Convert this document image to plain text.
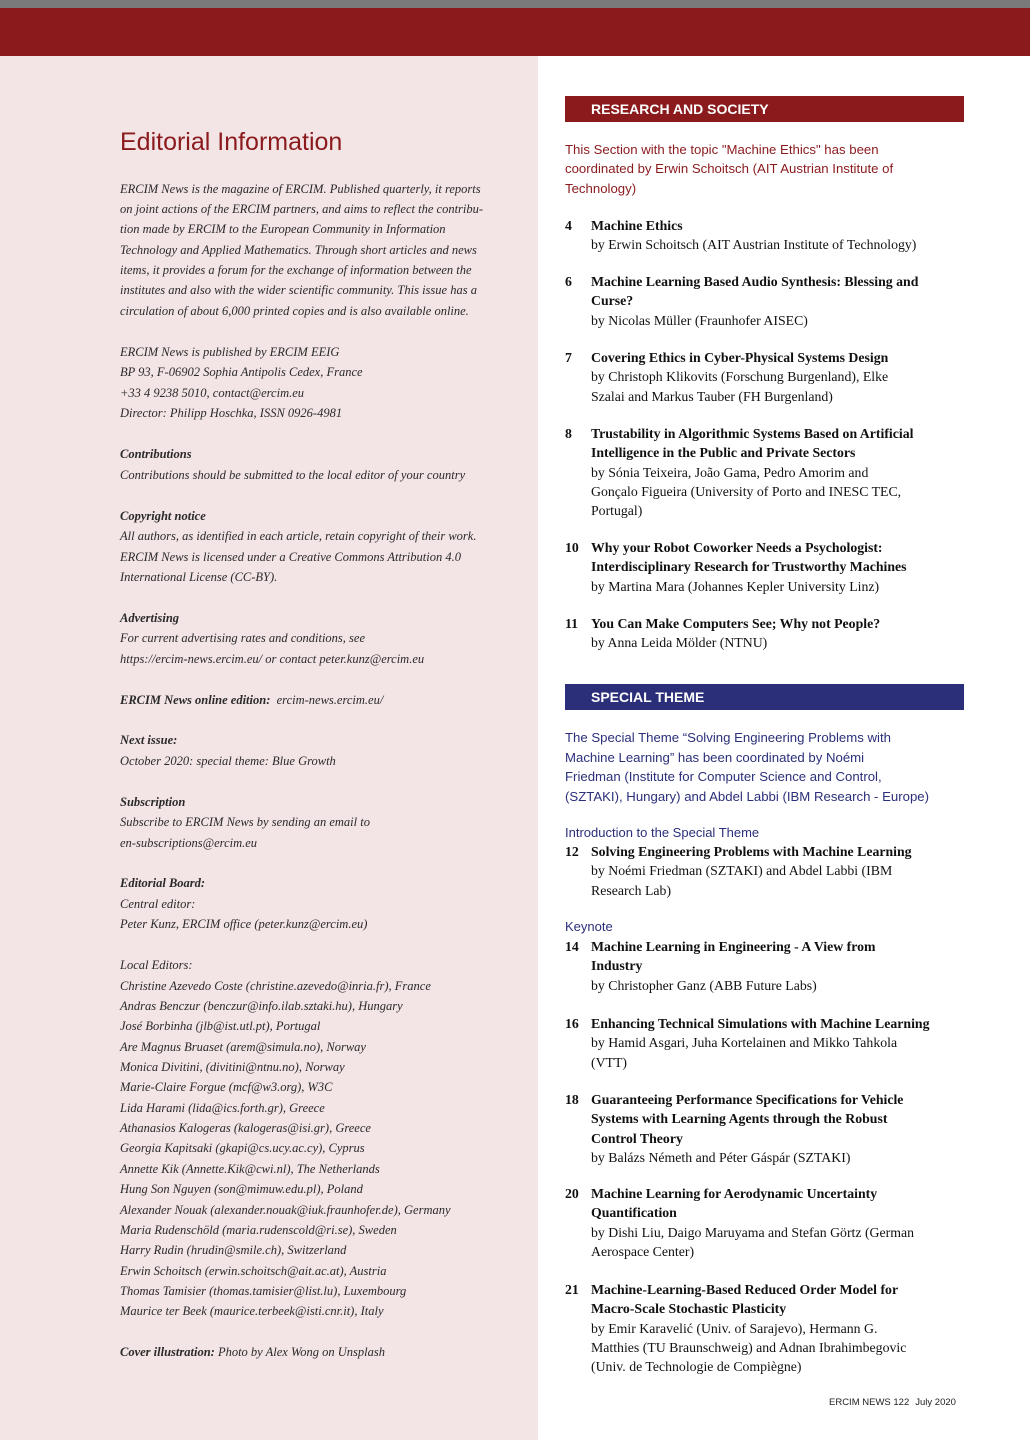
Editorial Information
ERCIM News is the magazine of ERCIM. Published quarterly, it reports
on joint actions of the ERCIM partners, and aims to reflect the contribu-
tion made by ERCIM to the European Community in Information
Technology and Applied Mathematics. Through short articles and news
items, it provides a forum for the exchange of information between the
institutes and also with the wider scientific community. This issue has a
circulation of about 6,000 printed copies and is also available online.
ERCIM News is published by ERCIM EEIG
BP 93, F-06902 Sophia Antipolis Cedex, France
+33 4 9238 5010, contact@ercim.eu
Director: Philipp Hoschka, ISSN 0926-4981
Contributions
Contributions should be submitted to the local editor of your country
Copyright notice
All authors, as identified in each article, retain copyright of their work.
ERCIM News is licensed under a Creative Commons Attribution 4.0
International License (CC-BY).
Advertising
For current advertising rates and conditions, see
https://ercim-news.ercim.eu/ or contact peter.kunz@ercim.eu
ERCIM News online edition: ercim-news.ercim.eu/
Next issue:
October 2020: special theme: Blue Growth
Subscription
Subscribe to ERCIM News by sending an email to
en-subscriptions@ercim.eu
Editorial Board:
Central editor:
Peter Kunz, ERCIM office (peter.kunz@ercim.eu)
Local Editors:
Christine Azevedo Coste (christine.azevedo@inria.fr), France
Andras Benczur (benczur@info.ilab.sztaki.hu), Hungary
José Borbinha (jlb@ist.utl.pt), Portugal
Are Magnus Bruaset (arem@simula.no), Norway
Monica Divitini, (divitini@ntnu.no), Norway
Marie-Claire Forgue (mcf@w3.org), W3C
Lida Harami (lida@ics.forth.gr), Greece
Athanasios Kalogeras (kalogeras@isi.gr), Greece
Georgia Kapitsaki (gkapi@cs.ucy.ac.cy), Cyprus
Annette Kik (Annette.Kik@cwi.nl), The Netherlands
Hung Son Nguyen (son@mimuw.edu.pl), Poland
Alexander Nouak (alexander.nouak@iuk.fraunhofer.de), Germany
Maria Rudenschöld (maria.rudenscold@ri.se), Sweden
Harry Rudin (hrudin@smile.ch), Switzerland
Erwin Schoitsch (erwin.schoitsch@ait.ac.at), Austria
Thomas Tamisier (thomas.tamisier@list.lu), Luxembourg
Maurice ter Beek (maurice.terbeek@isti.cnr.it), Italy
Cover illustration: Photo by Alex Wong on Unsplash
RESEARCH AND SOCIETY
This Section with the topic "Machine Ethics" has been
coordinated by Erwin Schoitsch (AIT Austrian Institute of
Technology)
4 Machine Ethics
by Erwin Schoitsch (AIT Austrian Institute of Technology)
6 Machine Learning Based Audio Synthesis: Blessing and
Curse?
by Nicolas Müller (Fraunhofer AISEC)
7 Covering Ethics in Cyber-Physical Systems Design
by Christoph Klikovits (Forschung Burgenland), Elke
Szalai and Markus Tauber (FH Burgenland)
8 Trustability in Algorithmic Systems Based on Artificial
Intelligence in the Public and Private Sectors
by Sónia Teixeira, João Gama, Pedro Amorim and
Gonçalo Figueira (University of Porto and INESC TEC,
Portugal)
10 Why your Robot Coworker Needs a Psychologist:
Interdisciplinary Research for Trustworthy Machines
by Martina Mara (Johannes Kepler University Linz)
11 You Can Make Computers See; Why not People?
by Anna Leida Mölder (NTNU)
SPECIAL THEME
The Special Theme “Solving Engineering Problems with
Machine Learning” has been coordinated by Noémi
Friedman (Institute for Computer Science and Control,
(SZTAKI), Hungary) and Abdel Labbi (IBM Research - Europe)
Introduction to the Special Theme
12 Solving Engineering Problems with Machine Learning
by Noémi Friedman (SZTAKI) and Abdel Labbi (IBM
Research Lab)
Keynote
14 Machine Learning in Engineering - A View from
Industry
by Christopher Ganz (ABB Future Labs)
16 Enhancing Technical Simulations with Machine Learning
by Hamid Asgari, Juha Kortelainen and Mikko Tahkola
(VTT)
18 Guaranteeing Performance Specifications for Vehicle
Systems with Learning Agents through the Robust
Control Theory
by Balázs Németh and Péter Gáspár (SZTAKI)
20 Machine Learning for Aerodynamic Uncertainty
Quantification
by Dishi Liu, Daigo Maruyama and Stefan Görtz (German
Aerospace Center)
21 Machine-Learning-Based Reduced Order Model for
Macro-Scale Stochastic Plasticity
by Emir Karavelić (Univ. of Sarajevo), Hermann G.
Matthies (TU Braunschweig) and Adnan Ibrahimbegovic
(Univ. de Technologie de Compiègne)
ERCIM NEWS 122 July 2020
